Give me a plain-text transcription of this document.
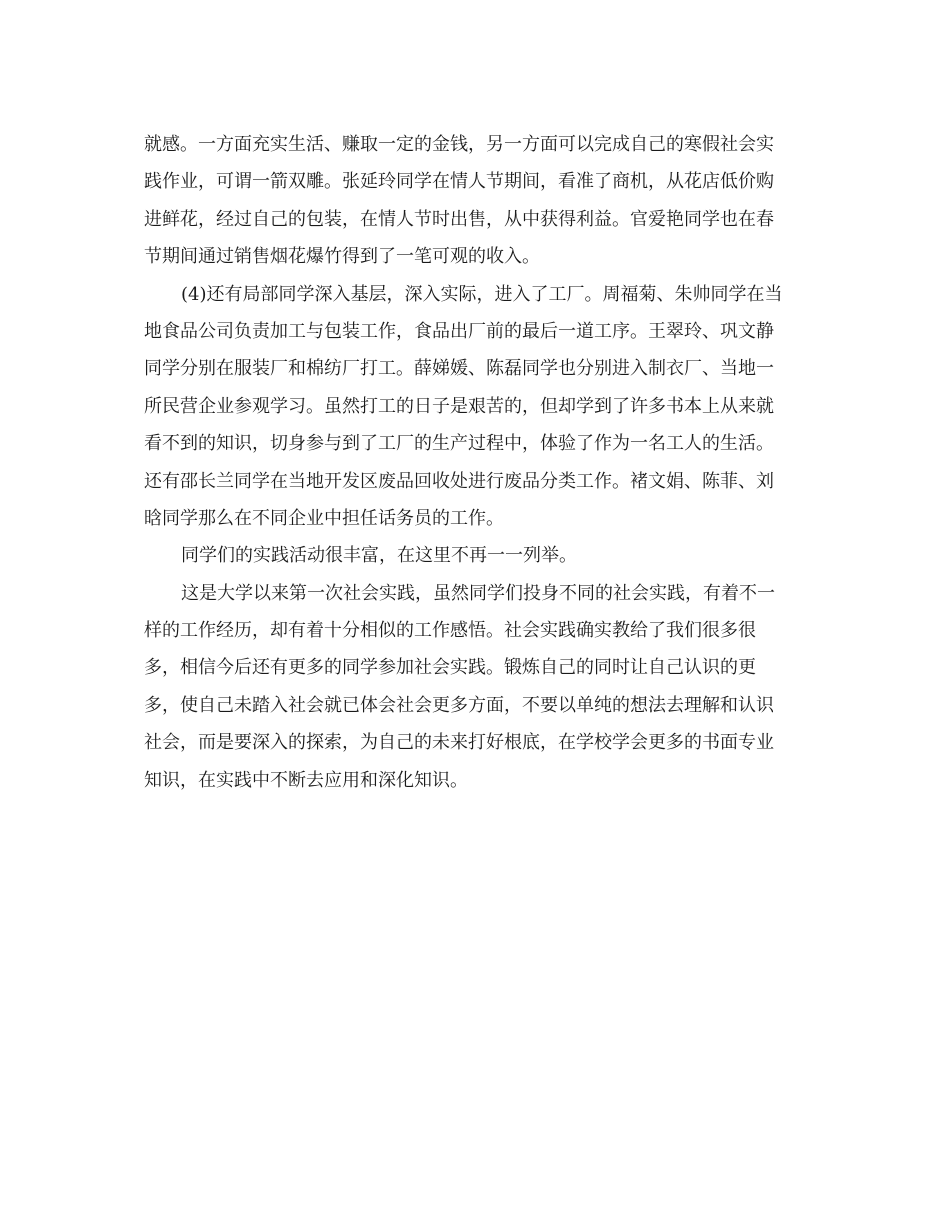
就感。一方面充实生活、赚取一定的金钱，另一方面可以完成自己的寒假社会实
践作业，可谓一箭双雕。张延玲同学在情人节期间，看准了商机，从花店低价购
进鲜花，经过自己的包装，在情人节时出售，从中获得利益。官爱艳同学也在春
节期间通过销售烟花爆竹得到了一笔可观的收入。
(4)还有局部同学深入基层，深入实际，进入了工厂。周福菊、朱帅同学在当
地食品公司负责加工与包装工作，食品出厂前的最后一道工序。王翠玲、巩文静
同学分别在服装厂和棉纺厂打工。薛娣媛、陈磊同学也分别进入制衣厂、当地一
所民营企业参观学习。虽然打工的日子是艰苦的，但却学到了许多书本上从来就
看不到的知识，切身参与到了工厂的生产过程中，体验了作为一名工人的生活。
还有邵长兰同学在当地开发区废品回收处进行废品分类工作。褚文娟、陈菲、刘
晗同学那么在不同企业中担任话务员的工作。
同学们的实践活动很丰富，在这里不再一一列举。
这是大学以来第一次社会实践，虽然同学们投身不同的社会实践，有着不一
样的工作经历，却有着十分相似的工作感悟。社会实践确实教给了我们很多很
多，相信今后还有更多的同学参加社会实践。锻炼自己的同时让自己认识的更
多，使自己未踏入社会就已体会社会更多方面，不要以单纯的想法去理解和认识
社会，而是要深入的探索，为自己的未来打好根底，在学校学会更多的书面专业
知识，在实践中不断去应用和深化知识。
